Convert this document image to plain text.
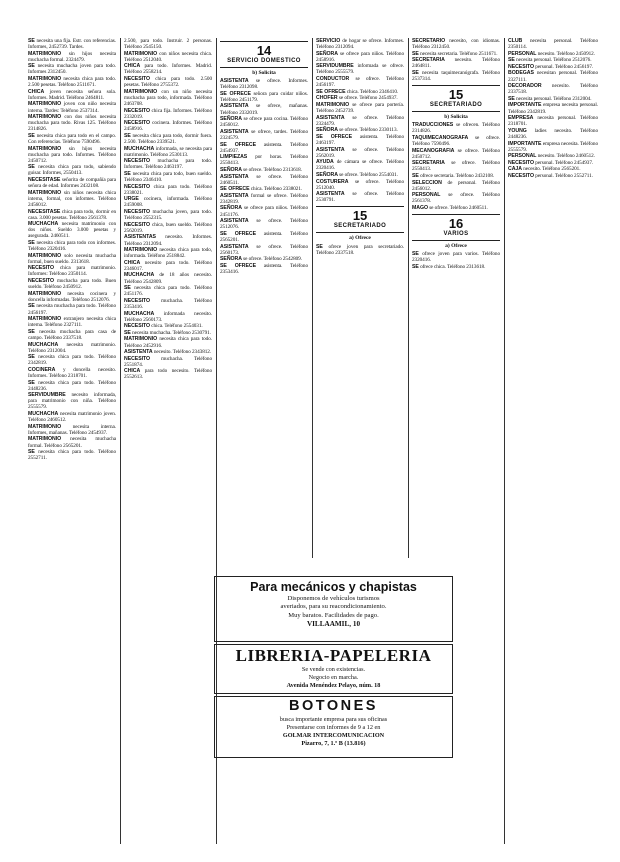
SE necesita una fija. Estr. con referencias. Informes, 2452739. Tardes.

MATRIMONIO sin hijos necesita muchacha formal. 2324479.

SE necesita muchacha joven para todo. Informes 2312450.

MATRIMONIO necesita chica para todo. 2.500 pesetas. Teléfono 2511671.

CHICA joven necesita señora sola. Informes. Madrid. Teléfono 2464811.

MATRIMONIO joven con niño necesita interna. Tardes: Teléfono 2537314.

MATRIMONIO con dos niños necesita muchacha para todo. Rivas 125. Teléfono 2314826.

SE necesita chica para todo en el campo. Con referencias. Teléfono 7590496.

MATRIMONIO sin hijos necesita muchacha para todo. Informes. Teléfono 2450712.

SE necesita chica para todo, sabiendo guisar. Informes, 2550413.

NECESITASE señorita de compañía para señora de edad. Informes 2432108.

MATRIMONIO sin niños necesita chica interna, formal, con informes. Teléfono 2456012.

NECESITASE chica para todo, dormir en casa. 3.000 pesetas. Teléfono 2561378.

MUCHACHA necesita matrimonio con dos niños. Sueldo 3.000 pesetas y asegurada. 2460511.

SE necesita chica para todo con informes. Teléfono 2320416.

MATRIMONIO solo necesita muchacha formal, buen sueldo. 2313618.

NECESITO chica para matrimonio. Informes: Teléfono 2350114.

NECESITO muchacha para todo. Buen sueldo. Teléfono 2450912.

MATRIMONIO necesita cocinera y doncella informadas. Teléfono 2512076.

SE necesita muchacha para todo. Teléfono 2456197.

MATRIMONIO extranjero necesita chica interna. Teléfono 2327111.

SE necesita muchacha para casa de campo. Teléfono 2337518.

MUCHACHA necesita matrimonio. Teléfono 2312004.

SE necesita chica para todo. Teléfono 2342819.

COCINERA y doncella necesito. Informes. Teléfono 2318701.

SE necesita chica para todo. Teléfono 2448236.

SERVIDUMBRE necesito informada, para matrimonio con niña. Teléfono 2555579.

MUCHACHA necesita matrimonio joven. Teléfono 2460512.

MATRIMONIO necesita interna. Informes, mañanas. Teléfono 2454937.

MATRIMONIO necesita muchacha formal. Teléfono 2565201.

SE necesita chica para todo. Teléfono 2552711.

2.500, para todo. Instruir. 2 personas. Teléfono 2545150.

MATRIMONIO con niños necesita chica. Teléfono 2512040.

CHICA para todo. Informes. Madrid. Teléfono 2558214.

NECESITO chica para todo. 2.500 pesetas. Teléfono 2755372.

MATRIMONIO con un niño necesita muchacha para todo, informada. Teléfono 2463708.

NECESITO chica fija. Informes. Teléfono 2332019.

NECESITO cocinera. Informes. Teléfono 2458916.

SE necesita chica para todo, dormir fuera. 2.500. Teléfono 2339521.

MUCHACHA informada, se necesita para matrimonio. Teléfono 2530113.

NECESITO muchacha para todo. Informes. Teléfono 2463197.

SE necesita chica para todo, buen sueldo. Teléfono 2346410.

NECESITO chica para todo. Teléfono 2338021.

URGE cocinera, informada. Teléfono 2459008.

NECESITO muchacha joven, para todo. Teléfono 2552315.

NECESITO chica, buen sueldo. Teléfono 2562019.

ASISTENTAS necesito. Informes. Teléfono 2312094.

MATRIMONIO necesita chica para todo, informada. Teléfono 2518842.

CHICA necesito para todo. Teléfono 2346017.

MUCHACHA de 18 años necesito. Teléfono 2542809.

SE necesita chica para todo. Teléfono 2451176.

NECESITO muchacha. Teléfono 2353416.

MUCHACHA informada necesito. Teléfono 2560173.

NECESITO chica. Teléfono 2554031.

SE necesita muchacha. Teléfono 2530791.

MATRIMONIO necesita chica para todo. Teléfono 2452916.

ASISTENTA necesito. Teléfono 2343812.

NECESITO muchacha. Teléfono 2551874.

CHICA para todo necesito. Teléfono 2552613.

14
SERVICIO DOMESTICO
b) Solicita

ASISTENTA se ofrece. Informes. Teléfono 2312098.

SE OFRECE señora para cuidar niños. Teléfono 2451179.

ASISTENTA se ofrece, mañanas. Teléfono 2332019.

SEÑORA se ofrece para cocina. Teléfono 2456012.

ASISTENTA se ofrece, tardes. Teléfono 2324579.

SE OFRECE asistenta. Teléfono 2454937.

LIMPIEZAS por horas. Teléfono 2550413.

SEÑORA se ofrece. Teléfono 2313618.

ASISTENTA se ofrece. Teléfono 2460511.

SE OFRECE chica. Teléfono 2338021.

ASISTENTA formal se ofrece. Teléfono 2342819.

SEÑORA se ofrece para niños. Teléfono 2451176.

ASISTENTA se ofrece. Teléfono 2512076.

SE OFRECE asistenta. Teléfono 2565201.

ASISTENTA se ofrece. Teléfono 2560173.

SEÑORA se ofrece. Teléfono 2542809.

SE OFRECE asistenta. Teléfono 2353416.

SERVICIO de hogar se ofrece. Informes. Teléfono 2312094.

SEÑORA se ofrece para niños. Teléfono 2458916.

SERVIDUMBRE informada se ofrece. Teléfono 2555579.

CONDUCTOR se ofrece. Teléfono 2456197.

SE OFRECE chica. Teléfono 2346410.

CHOFER se ofrece. Teléfono 2454937.

MATRIMONIO se ofrece para portería. Teléfono 2452739.

ASISTENTA se ofrece. Teléfono 2324479.

SEÑORA se ofrece. Teléfono 2330113.

SE OFRECE asistenta. Teléfono 2463197.

ASISTENTA se ofrece. Teléfono 2562019.

AYUDA de cámara se ofrece. Teléfono 2320416.

SEÑORA se ofrece. Teléfono 2554031.

COSTURERA se ofrece. Teléfono 2512040.

ASISTENTA se ofrece. Teléfono 2530791.

15
SECRETARIADO
a) Ofrece

SE ofrece joven para secretariado. Teléfono 2337518.

SECRETARIO necesito, con idiomas. Teléfono 2312450.

SE necesita secretaria. Teléfono 2511671.

SECRETARIA necesito. Teléfono 2464811.

SE necesita taquimecanógrafa. Teléfono 2537314.

15
SECRETARIADO
b) Solicita

TRADUCCIONES se ofrecen. Teléfono 2314826.

TAQUIMECANOGRAFA se ofrece. Teléfono 7590496.

MECANOGRAFIA se ofrece. Teléfono 2450712.

SECRETARIA se ofrece. Teléfono 2550413.

SE ofrece secretaria. Teléfono 2432108.

SELECCION de personal. Teléfono 2456012.

PERSONAL se ofrece. Teléfono 2561378.

MAGO se ofrece. Teléfono 2460511.

16
VARIOS
a) Ofrece

SE ofrece joven para varios. Teléfono 2320416.

SE ofrece chica. Teléfono 2313618.

CLUB necesita personal. Teléfono 2350114.

PERSONAL necesito. Teléfono 2450912.

SE necesita personal. Teléfono 2512076.

NECESITO personal. Teléfono 2456197.

BODEGAS necesitan personal. Teléfono 2327111.

DECORADOR necesito. Teléfono 2337518.

SE necesita personal. Teléfono 2312004.

IMPORTANTE empresa necesita personal. Teléfono 2342819.

EMPRESA necesita personal. Teléfono 2318701.

YOUNG ladies necesito. Teléfono 2448236.

IMPORTANTE empresa necesita. Teléfono 2555579.

PERSONAL necesito. Teléfono 2460512.

NECESITO personal. Teléfono 2454937.

CAJA necesito. Teléfono 2565201.

NECESITO personal. Teléfono 2552711.

Para mecánicos y chapistas
Disponemos de vehículos turismos
averiados, para su reacondicionamiento.
Muy baratos. Facilidades de pago.
VILLAAMIL, 10
LIBRERIA-PAPELERIA
Se vende con existencias.
Negocio en marcha.
Avenida Menéndez Pelayo, núm. 18
BOTONES
busca importante empresa para sus oficinas
Presentarse con informes de 9 a 12 en
GOLMAR INTERCOMUNICACION
Pizarro, 7, 1.º B (13.816)
